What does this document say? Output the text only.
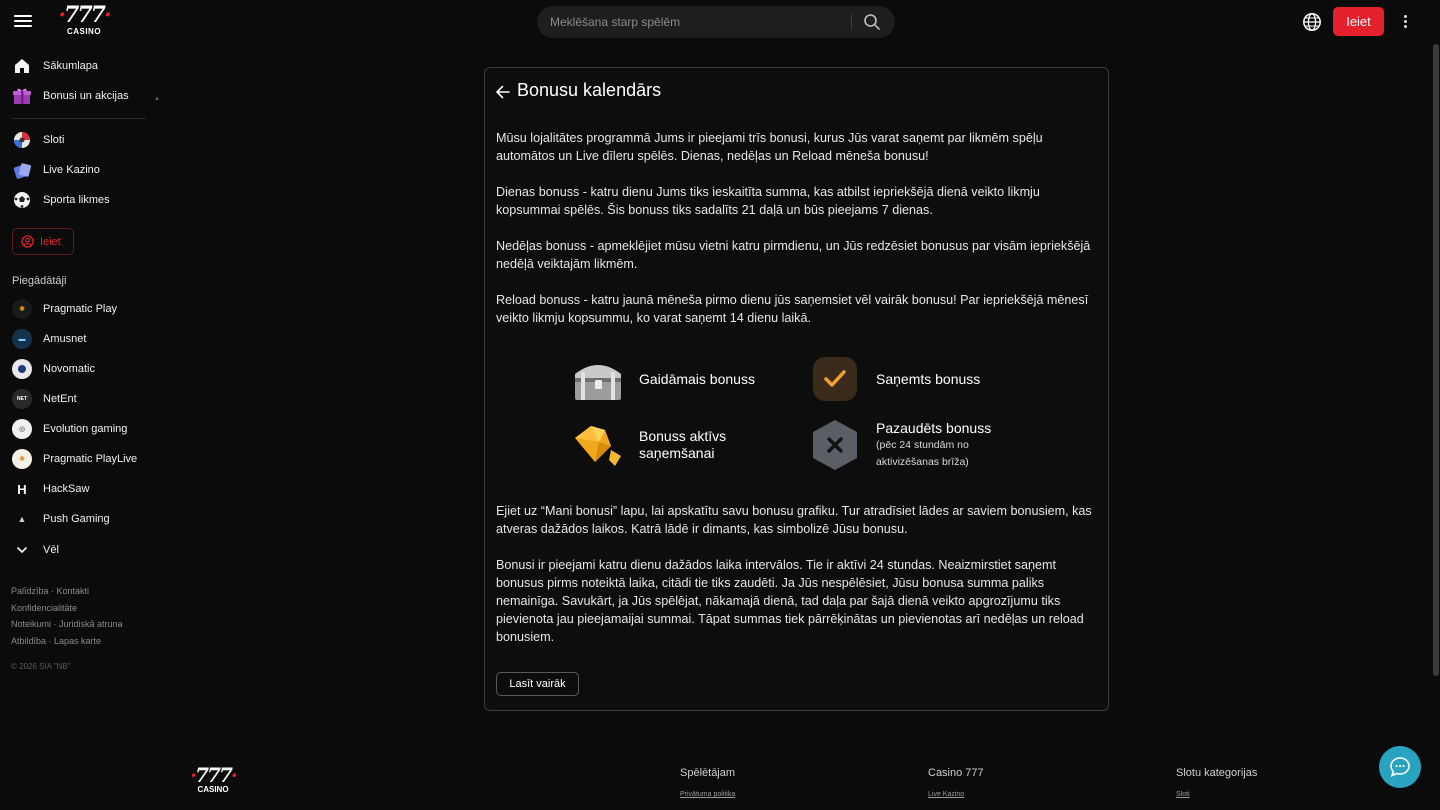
·777·
CASINO
Meklēšana starp spēlēm
Ieiet
▲
Sākumlapa
Bonusi un akcijas
Sloti
Live Kazino
Sporta likmes
Ieiet
Piegādātāji
✺	Pragmatic Play
▬	Amusnet
Novomatic
NET	NetEnt
◎	Evolution gaming
✺	Pragmatic PlayLive
H	HackSaw
▲	Push Gaming
Vēl
Palīdzība · Kontakti
Konfidencialitāte
Noteikumi · Juridiskā atruna
Atbildība · Lapas karte
© 2026 SIA "NB"
Bonusu kalendārs

Mūsu lojalitātes programmā Jums ir pieejami trīs bonusi, kurus Jūs varat saņemt par likmēm spēļu automātos un Live dīleru spēlēs. Dienas, nedēļas un Reload mēneša bonusu!

Dienas bonuss - katru dienu Jums tiks ieskaitīta summa, kas atbilst iepriekšējā dienā veikto likmju kopsummai spēlēs. Šis bonuss tiks sadalīts 21 daļā un būs pieejams 7 dienas.

Nedēļas bonuss - apmeklējiet mūsu vietni katru pirmdienu, un Jūs redzēsiet bonusus par visām iepriekšējā nedēļā veiktajām likmēm.

Reload bonuss - katru jaunā mēneša pirmo dienu jūs saņemsiet vēl vairāk bonusu! Par iepriekšējā mēnesī veikto likmju kopsummu, ko varat saņemt 14 dienu laikā.

Gaidāmais bonuss	Saņemts bonuss
Bonuss aktīvs
saņemšanai
Pazaudēts bonuss
(pēc 24 stundām no
aktivizēšanas brīža)

Ejiet uz “Mani bonusi” lapu, lai apskatītu savu bonusu grafiku. Tur atradīsiet lādes ar saviem bonusiem, kas atveras dažādos laikos. Katrā lādē ir dimants, kas simbolizē Jūsu bonusu.

Bonusi ir pieejami katru dienu dažādos laika intervālos. Tie ir aktīvi 24 stundas. Neaizmirstiet saņemt bonusus pirms noteiktā laika, citādi tie tiks zaudēti. Ja Jūs nespēlēsiet, Jūsu bonusa summa paliks nemainīga. Savukārt, ja Jūs spēlējat, nākamajā dienā, tad daļa par šajā dienā veikto apgrozījumu tiks pievienota jau pieejamaijai summai. Tāpat summas tiek pārrēķinātas un pievienotas arī nedēļas un reload bonusiem.

Lasīt vairāk
·777·
CASINO
Spēlētājam
Privātuma politika
Casino 777
Live Kazino
Slotu kategorijas
Sloti
